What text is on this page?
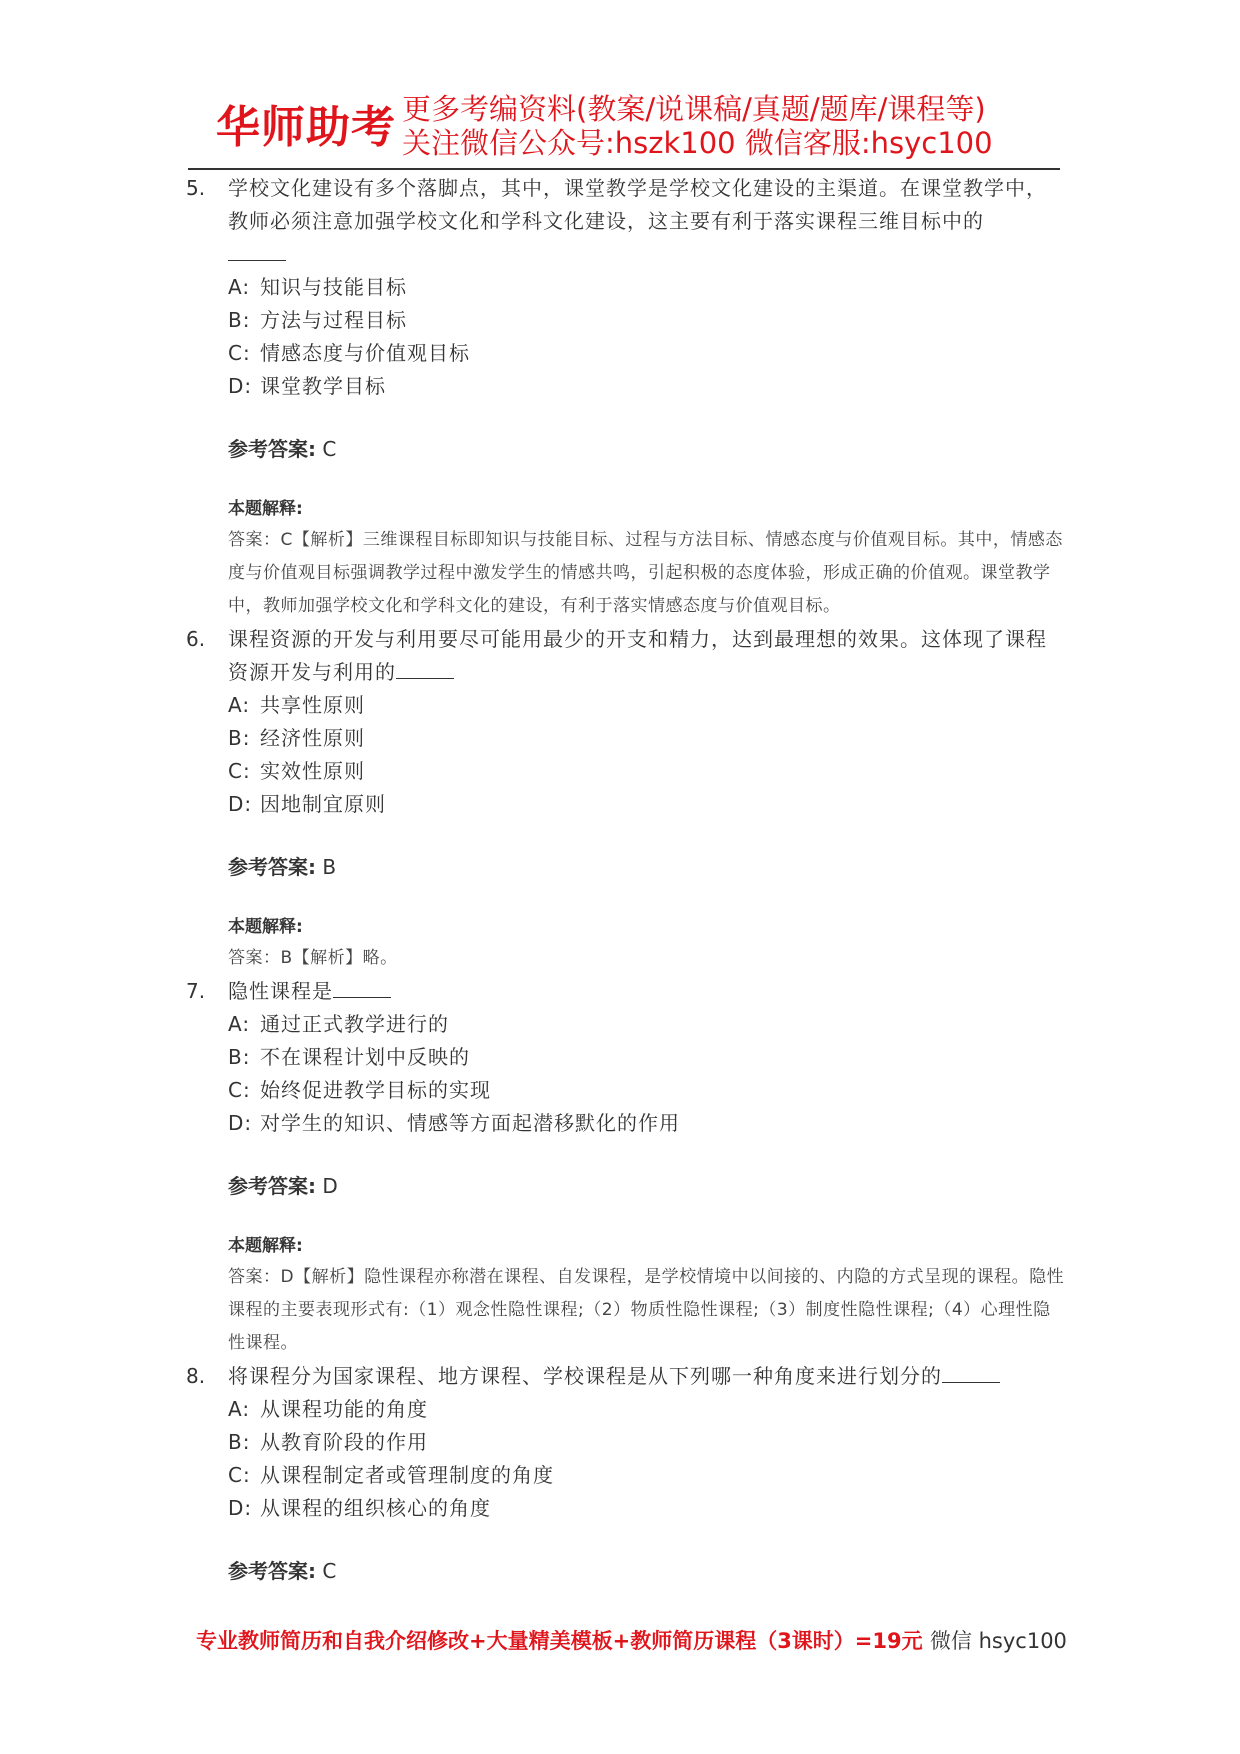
华师助考 更多考编资料(教案/说课稿/真题/题库/课程等)
关注微信公众号:hszk100 微信客服:hsyc100
5. 学校文化建设有多个落脚点，其中，课堂教学是学校文化建设的主渠道。在课堂教学中，教师必须注意加强学校文化和学科文化建设，这主要有利于落实课程三维目标中的
A: 知识与技能目标
B: 方法与过程目标
C: 情感态度与价值观目标
D: 课堂教学目标
参考答案: C
本题解释:
答案：C【解析】三维课程目标即知识与技能目标、过程与方法目标、情感态度与价值观目标。其中，情感态度与价值观目标强调教学过程中激发学生的情感共鸣，引起积极的态度体验，形成正确的价值观。课堂教学中，教师加强学校文化和学科文化的建设，有利于落实情感态度与价值观目标。
6. 课程资源的开发与利用要尽可能用最少的开支和精力，达到最理想的效果。这体现了课程资源开发与利用的
A: 共享性原则
B: 经济性原则
C: 实效性原则
D: 因地制宜原则
参考答案: B
本题解释:
答案：B【解析】略。
7. 隐性课程是
A: 通过正式教学进行的
B: 不在课程计划中反映的
C: 始终促进教学目标的实现
D: 对学生的知识、情感等方面起潜移默化的作用
参考答案: D
本题解释:
答案：D【解析】隐性课程亦称潜在课程、自发课程，是学校情境中以间接的、内隐的方式呈现的课程。隐性课程的主要表现形式有:（1）观念性隐性课程;（2）物质性隐性课程;（3）制度性隐性课程;（4）心理性隐性课程。
8. 将课程分为国家课程、地方课程、学校课程是从下列哪一种角度来进行划分的
A: 从课程功能的角度
B: 从教育阶段的作用
C: 从课程制定者或管理制度的角度
D: 从课程的组织核心的角度
参考答案: C
专业教师简历和自我介绍修改+大量精美模板+教师简历课程（3课时）=19元 微信 hsyc100
